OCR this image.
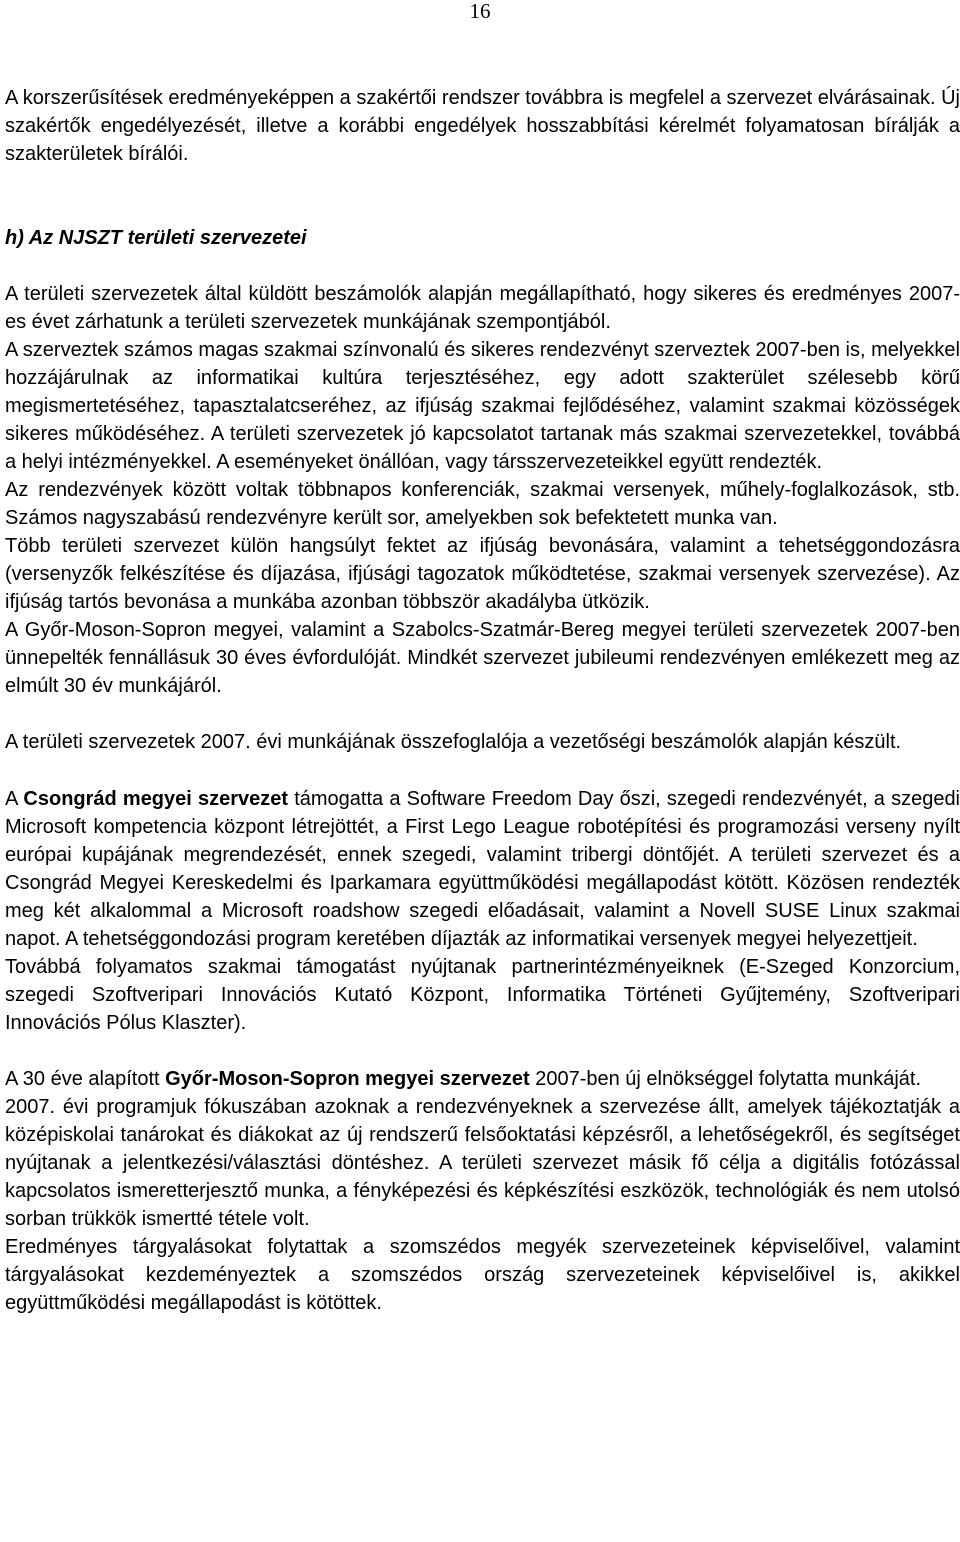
16

A korszerűsítések eredményeképpen a szakértői rendszer továbbra is megfelel a szervezet elvárásainak. Új szakértők engedélyezését, illetve a korábbi engedélyek hosszabbítási kérelmét folyamatosan bírálják a szakterületek bírálói.

h) Az NJSZT területi szervezetei

A területi szervezetek által küldött beszámolók alapján megállapítható, hogy sikeres és eredményes 2007-es évet zárhatunk a területi szervezetek munkájának szempontjából.

A szerveztek számos magas szakmai színvonalú és sikeres rendezvényt szerveztek 2007-ben is, melyekkel hozzájárulnak az informatikai kultúra terjesztéséhez, egy adott szakterület szélesebb körű megismertetéséhez, tapasztalatcseréhez, az ifjúság szakmai fejlődéséhez, valamint szakmai közösségek sikeres működéséhez. A területi szervezetek jó kapcsolatot tartanak más szakmai szervezetekkel, továbbá a helyi intézményekkel. A eseményeket önállóan, vagy társszervezeteikkel együtt rendezték.

Az rendezvények között voltak többnapos konferenciák, szakmai versenyek, műhely-foglalkozások, stb. Számos nagyszabású rendezvényre került sor, amelyekben sok befektetett munka van.

Több területi szervezet külön hangsúlyt fektet az ifjúság bevonására, valamint a tehetséggondozásra (versenyzők felkészítése és díjazása, ifjúsági tagozatok működtetése, szakmai versenyek szervezése). Az ifjúság tartós bevonása a munkába azonban többször akadályba ütközik.

A Győr-Moson-Sopron megyei, valamint a Szabolcs-Szatmár-Bereg megyei területi szervezetek 2007-ben ünnepelték fennállásuk 30 éves évfordulóját. Mindkét szervezet jubileumi rendezvényen emlékezett meg az elmúlt 30 év munkájáról.

A területi szervezetek 2007. évi munkájának összefoglalója a vezetőségi beszámolók alapján készült.

A Csongrád megyei szervezet támogatta a Software Freedom Day őszi, szegedi rendezvényét, a szegedi Microsoft kompetencia központ létrejöttét, a First Lego League robotépítési és programozási verseny nyílt európai kupájának megrendezését, ennek szegedi, valamint tribergi döntőjét. A területi szervezet és a Csongrád Megyei Kereskedelmi és Iparkamara együttműködési megállapodást kötött. Közösen rendezték meg két alkalommal a Microsoft roadshow szegedi előadásait, valamint a Novell SUSE Linux szakmai napot. A tehetséggondozási program keretében díjazták az informatikai versenyek megyei helyezettjeit.

Továbbá folyamatos szakmai támogatást nyújtanak partnerintézményeiknek (E-Szeged Konzorcium, szegedi Szoftveripari Innovációs Kutató Központ, Informatika Történeti Gyűjtemény, Szoftveripari Innovációs Pólus Klaszter).

A 30 éve alapított Győr-Moson-Sopron megyei szervezet 2007-ben új elnökséggel folytatta munkáját.

2007. évi programjuk fókuszában azoknak a rendezvényeknek a szervezése állt, amelyek tájékoztatják a középiskolai tanárokat és diákokat az új rendszerű felsőoktatási képzésről, a lehetőségekről, és segítséget nyújtanak a jelentkezési/választási döntéshez. A területi szervezet másik fő célja a digitális fotózással kapcsolatos ismeretterjesztő munka, a fényképezési és képkészítési eszközök, technológiák és nem utolsó sorban trükkök ismertté tétele volt.

Eredményes tárgyalásokat folytattak a szomszédos megyék szervezeteinek képviselőivel, valamint tárgyalásokat kezdeményeztek a szomszédos ország szervezeteinek képviselőivel is, akikkel együttműködési megállapodást is kötöttek.
